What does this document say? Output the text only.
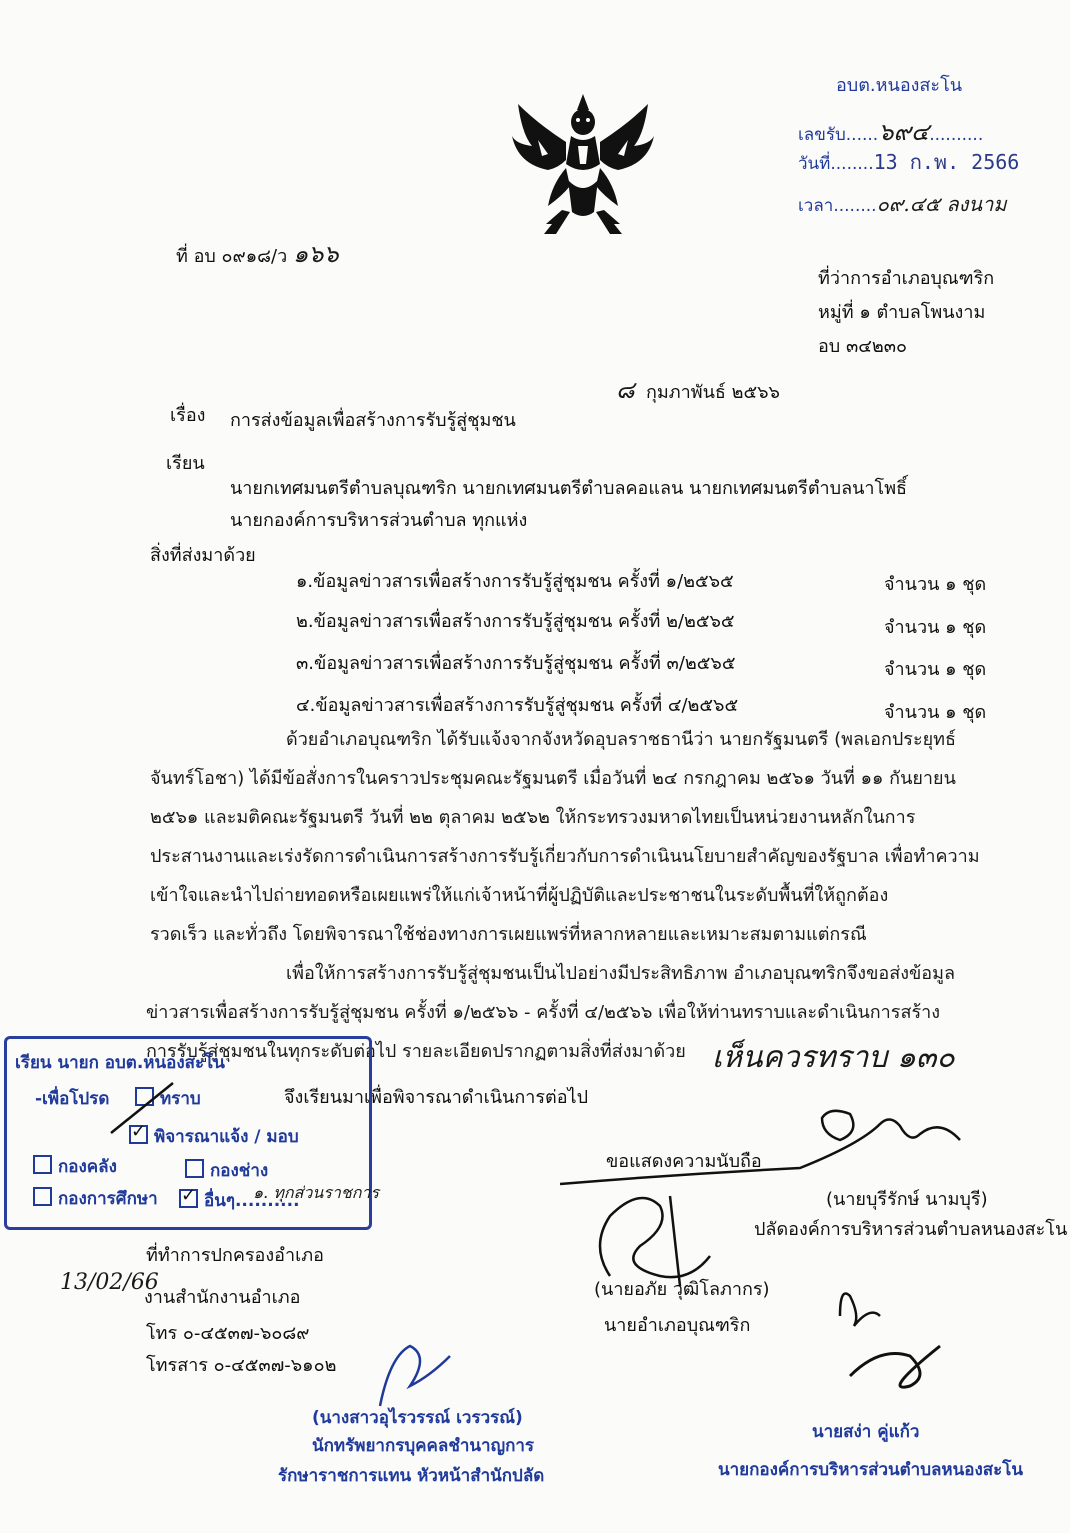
อบต.หนองสะโน
เลขรับ......๖๙๔..........
วันที่........13 ก.พ. 2566
เวลา........๐๙.๔๕ ลงนาม
ที่ อบ ๐๙๑๘/ว ๑๖๖
ที่ว่าการอำเภอบุณฑริก
หมู่ที่ ๑ ตำบลโพนงาม
อบ ๓๔๒๓๐
๘ กุมภาพันธ์ ๒๕๖๖
เรื่อง การส่งข้อมูลเพื่อสร้างการรับรู้สู่ชุมชน
เรียน
นายกเทศมนตรีตำบลบุณฑริก นายกเทศมนตรีตำบลคอแลน นายกเทศมนตรีตำบลนาโพธิ์
นายกองค์การบริหารส่วนตำบล ทุกแห่ง
สิ่งที่ส่งมาด้วย
๑.ข้อมูลข่าวสารเพื่อสร้างการรับรู้สู่ชุมชน ครั้งที่ ๑/๒๕๖๕	จำนวน ๑ ชุด
๒.ข้อมูลข่าวสารเพื่อสร้างการรับรู้สู่ชุมชน ครั้งที่ ๒/๒๕๖๕	จำนวน ๑ ชุด
๓.ข้อมูลข่าวสารเพื่อสร้างการรับรู้สู่ชุมชน ครั้งที่ ๓/๒๕๖๕	จำนวน ๑ ชุด
๔.ข้อมูลข่าวสารเพื่อสร้างการรับรู้สู่ชุมชน ครั้งที่ ๔/๒๕๖๕	จำนวน ๑ ชุด
ด้วยอำเภอบุณฑริก ได้รับแจ้งจากจังหวัดอุบลราชธานีว่า นายกรัฐมนตรี (พลเอกประยุทธ์
จันทร์โอชา) ได้มีข้อสั่งการในคราวประชุมคณะรัฐมนตรี เมื่อวันที่ ๒๔ กรกฎาคม ๒๕๖๑ วันที่ ๑๑ กันยายน
๒๕๖๑ และมติคณะรัฐมนตรี วันที่ ๒๒ ตุลาคม ๒๕๖๒ ให้กระทรวงมหาดไทยเป็นหน่วยงานหลักในการ
ประสานงานและเร่งรัดการดำเนินการสร้างการรับรู้เกี่ยวกับการดำเนินนโยบายสำคัญของรัฐบาล เพื่อทำความ
เข้าใจและนำไปถ่ายทอดหรือเผยแพร่ให้แก่เจ้าหน้าที่ผู้ปฏิบัติและประชาชนในระดับพื้นที่ให้ถูกต้อง
รวดเร็ว และทั่วถึง โดยพิจารณาใช้ช่องทางการเผยแพร่ที่หลากหลายและเหมาะสมตามแต่กรณี
เพื่อให้การสร้างการรับรู้สู่ชุมชนเป็นไปอย่างมีประสิทธิภาพ อำเภอบุณฑริกจึงขอส่งข้อมูล
ข่าวสารเพื่อสร้างการรับรู้สู่ชุมชน ครั้งที่ ๑/๒๕๖๖ - ครั้งที่ ๔/๒๕๖๖ เพื่อให้ท่านทราบและดำเนินการสร้าง
การรับรู้สู่ชุมชนในทุกระดับต่อไป รายละเอียดปรากฏตามสิ่งที่ส่งมาด้วย เห็นควรทราบ ๑๓๐
จึงเรียนมาเพื่อพิจารณาดำเนินการต่อไป
ขอแสดงความนับถือ
เรียน นายก อบต.หนองสะโน
-เพื่อโปรด	ทราบ
✓ พิจารณาแจ้ง / มอบ
กองคลัง	กองช่าง
กองการศึกษา ✓ อื่นๆ..........
๑. ทุกส่วนราชการ	(นายบุรีรักษ์ นามบุรี)
ปลัดองค์การบริหารส่วนตำบลหนองสะโน
ที่ทำการปกครองอำเภอ
13/02/66
งานสำนักงานอำเภอ
โทร ๐-๔๕๓๗-๖๐๘๙
โทรสาร ๐-๔๕๓๗-๖๑๐๒
(นายอภัย วุฒิโลภากร)
นายอำเภอบุณฑริก
(นางสาวอุไรวรรณ์ เวรวรณ์)
นักทรัพยากรบุคคลชำนาญการ
รักษาราชการแทน หัวหน้าสำนักปลัด
นายสง่า คู่แก้ว
นายกองค์การบริหารส่วนตำบลหนองสะโน
